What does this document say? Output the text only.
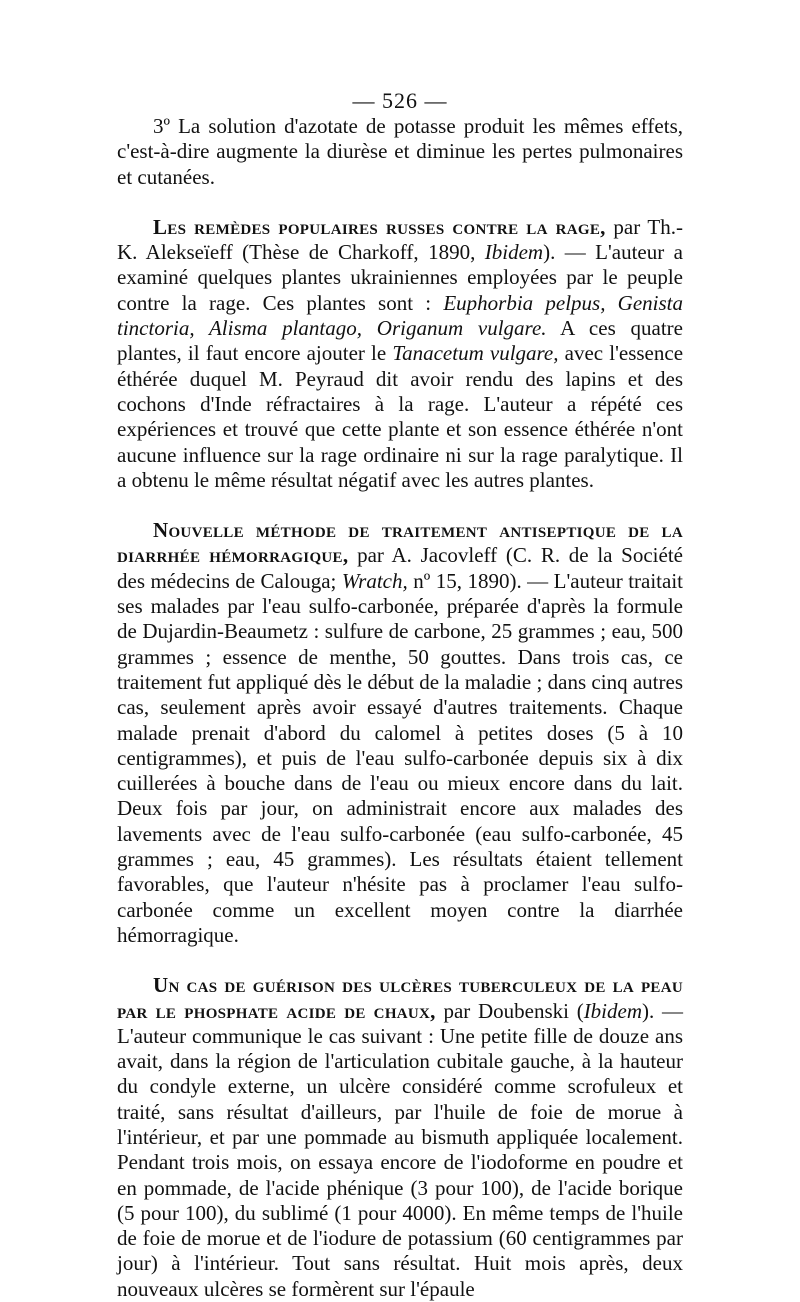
— 526 —

3º La solution d'azotate de potasse produit les mêmes effets, c'est-à-dire augmente la diurèse et diminue les pertes pulmonaires et cutanées.

Les remèdes populaires russes contre la rage, par Th.-K. Alekseïeff (Thèse de Charkoff, 1890, Ibidem). — L'auteur a examiné quelques plantes ukrainiennes employées par le peuple contre la rage. Ces plantes sont : Euphorbia pelpus, Genista tinctoria, Alisma plantago, Origanum vulgare. A ces quatre plantes, il faut encore ajouter le Tanacetum vulgare, avec l'essence éthérée duquel M. Peyraud dit avoir rendu des lapins et des cochons d'Inde réfractaires à la rage. L'auteur a répété ces expériences et trouvé que cette plante et son essence éthérée n'ont aucune influence sur la rage ordinaire ni sur la rage paralytique. Il a obtenu le même résultat négatif avec les autres plantes.

Nouvelle méthode de traitement antiseptique de la diarrhée hémorragique, par A. Jacovleff (C. R. de la Société des médecins de Calouga; Wratch, nº 15, 1890). — L'auteur traitait ses malades par l'eau sulfo-carbonée, préparée d'après la formule de Dujardin-Beaumetz : sulfure de carbone, 25 grammes ; eau, 500 grammes ; essence de menthe, 50 gouttes. Dans trois cas, ce traitement fut appliqué dès le début de la maladie ; dans cinq autres cas, seulement après avoir essayé d'autres traitements. Chaque malade prenait d'abord du calomel à petites doses (5 à 10 centigrammes), et puis de l'eau sulfo-carbonée depuis six à dix cuillerées à bouche dans de l'eau ou mieux encore dans du lait. Deux fois par jour, on administrait encore aux malades des lavements avec de l'eau sulfo-carbonée (eau sulfo-carbonée, 45 grammes ; eau, 45 grammes). Les résultats étaient tellement favorables, que l'auteur n'hésite pas à proclamer l'eau sulfo-carbonée comme un excellent moyen contre la diarrhée hémorragique.

Un cas de guérison des ulcères tuberculeux de la peau par le phosphate acide de chaux, par Doubenski (Ibidem). — L'auteur communique le cas suivant : Une petite fille de douze ans avait, dans la région de l'articulation cubitale gauche, à la hauteur du condyle externe, un ulcère considéré comme scrofuleux et traité, sans résultat d'ailleurs, par l'huile de foie de morue à l'intérieur, et par une pommade au bismuth appliquée localement. Pendant trois mois, on essaya encore de l'iodoforme en poudre et en pommade, de l'acide phénique (3 pour 100), de l'acide borique (5 pour 100), du sublimé (1 pour 4000). En même temps de l'huile de foie de morue et de l'iodure de potassium (60 centigrammes par jour) à l'intérieur. Tout sans résultat. Huit mois après, deux nouveaux ulcères se formèrent sur l'épaule
